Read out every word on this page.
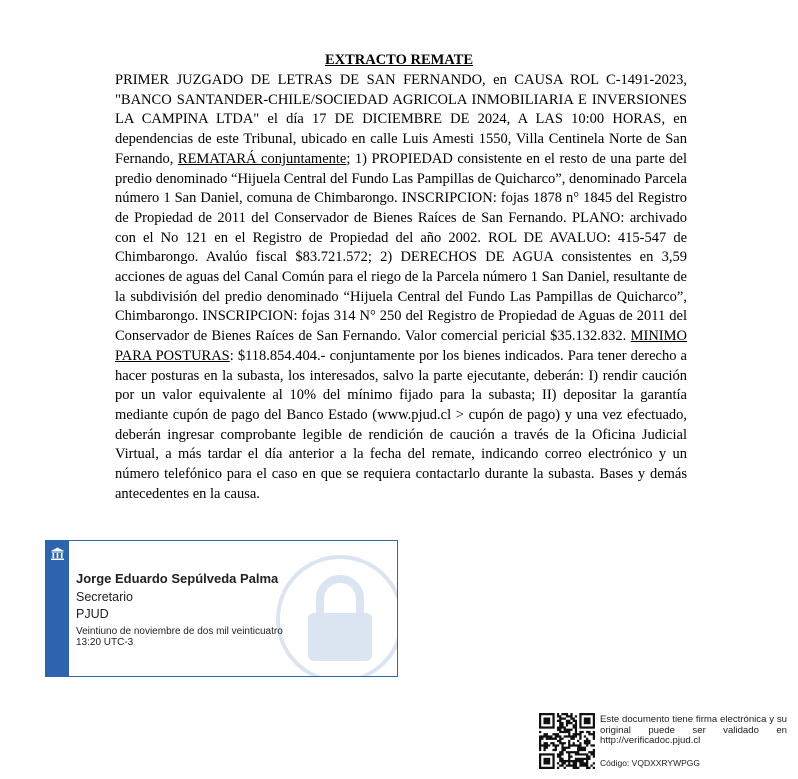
EXTRACTO REMATE

PRIMER JUZGADO DE LETRAS DE SAN FERNANDO, en CAUSA ROL C-1491-2023, "BANCO SANTANDER-CHILE/SOCIEDAD AGRICOLA INMOBILIARIA E INVERSIONES LA CAMPINA LTDA" el día 17 DE DICIEMBRE DE 2024, A LAS 10:00 HORAS, en dependencias de este Tribunal, ubicado en calle Luis Amesti 1550, Villa Centinela Norte de San Fernando, REMATARÁ conjuntamente; 1) PROPIEDAD consistente en el resto de una parte del predio denominado “Hijuela Central del Fundo Las Pampillas de Quicharco”, denominado Parcela número 1 San Daniel, comuna de Chimbarongo. INSCRIPCION: fojas 1878 n° 1845 del Registro de Propiedad de 2011 del Conservador de Bienes Raíces de San Fernando. PLANO: archivado con el No 121 en el Registro de Propiedad del año 2002. ROL DE AVALUO: 415-547 de Chimbarongo. Avalúo fiscal $83.721.572; 2) DERECHOS DE AGUA consistentes en 3,59 acciones de aguas del Canal Común para el riego de la Parcela número 1 San Daniel, resultante de la subdivisión del predio denominado “Hijuela Central del Fundo Las Pampillas de Quicharco”, Chimbarongo. INSCRIPCION: fojas 314 N° 250 del Registro de Propiedad de Aguas de 2011 del Conservador de Bienes Raíces de San Fernando. Valor comercial pericial $35.132.832. MINIMO PARA POSTURAS: $118.854.404.- conjuntamente por los bienes indicados. Para tener derecho a hacer posturas en la subasta, los interesados, salvo la parte ejecutante, deberán: I) rendir caución por un valor equivalente al 10% del mínimo fijado para la subasta; II) depositar la garantía mediante cupón de pago del Banco Estado (www.pjud.cl > cupón de pago) y una vez efectuado, deberán ingresar comprobante legible de rendición de caución a través de la Oficina Judicial Virtual, a más tardar el día anterior a la fecha del remate, indicando correo electrónico y un número telefónico para el caso en que se requiera contactarlo durante la subasta. Bases y demás antecedentes en la causa.

Jorge Eduardo Sepúlveda Palma
Secretario
PJUD
Veintiuno de noviembre de dos mil veinticuatro
13:20 UTC-3
Este documento tiene firma electrónica y su original puede ser validado en http://verificadoc.pjud.cl
Código: VQDXXRYWPGG
